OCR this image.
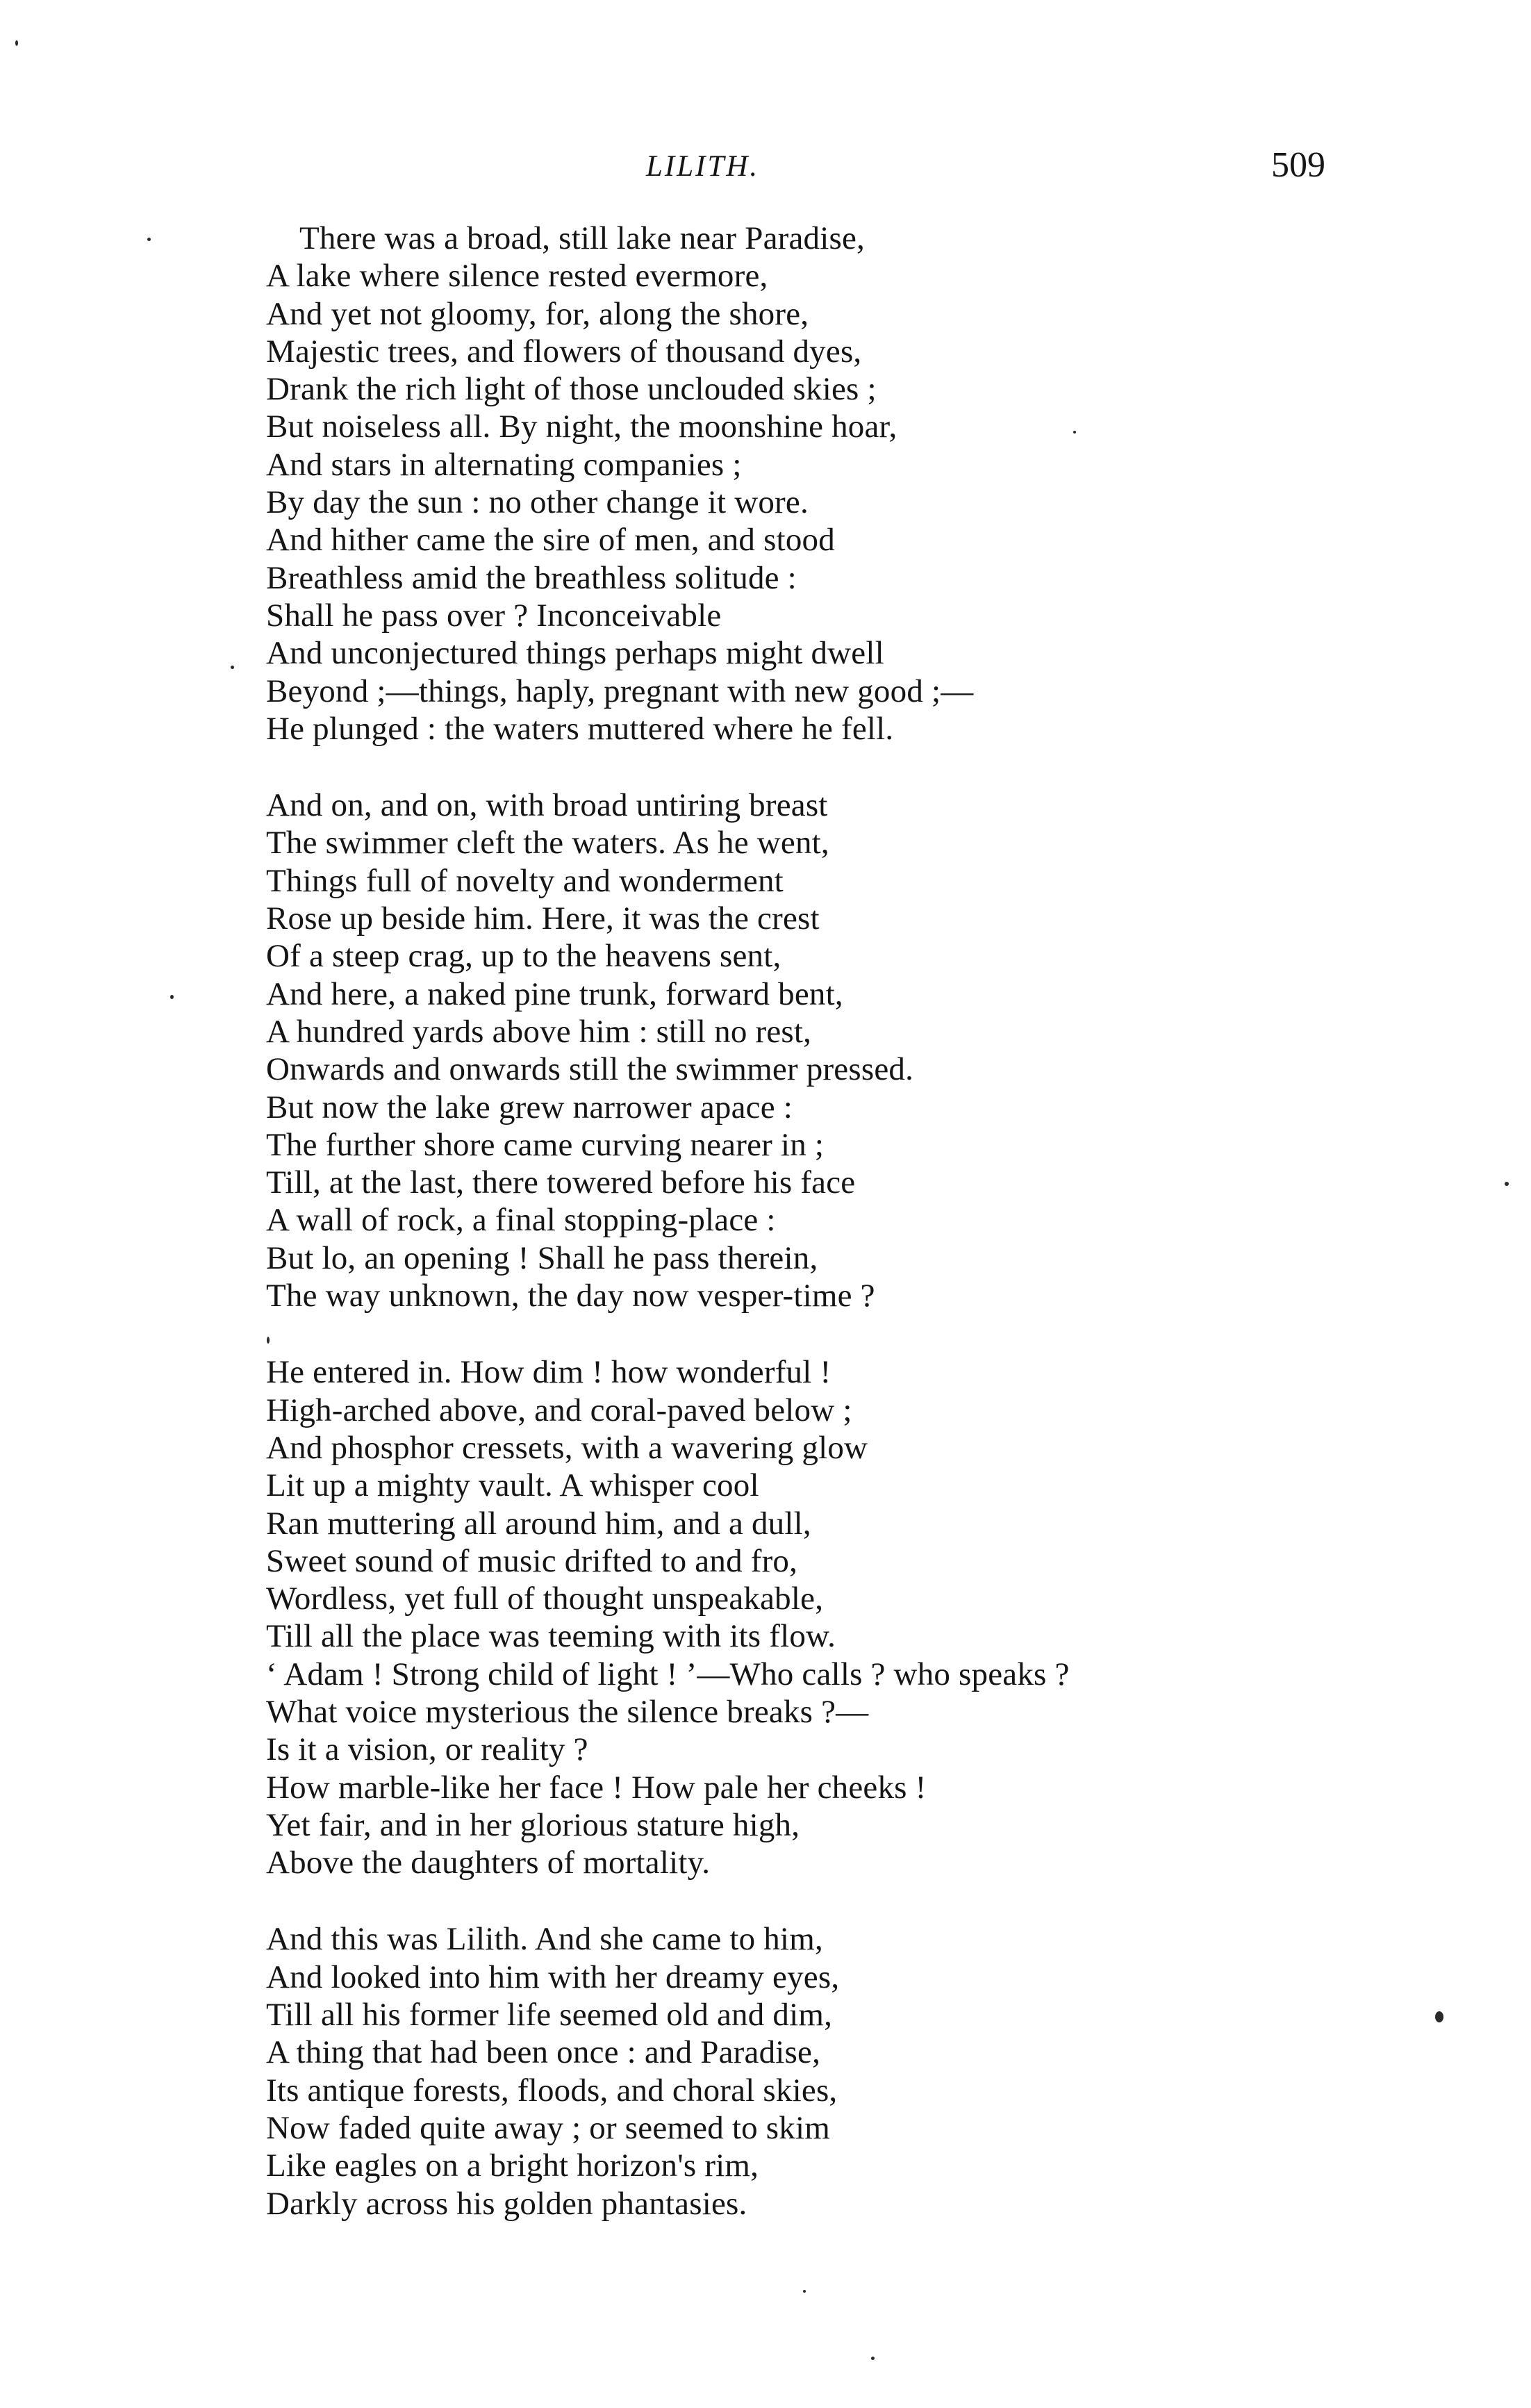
LILITH.	509
There was a broad, still lake near Paradise,
A lake where silence rested evermore,
And yet not gloomy, for, along the shore,
Majestic trees, and flowers of thousand dyes,
Drank the rich light of those unclouded skies ;
But noiseless all. By night, the moonshine hoar,
And stars in alternating companies ;
By day the sun : no other change it wore.
And hither came the sire of men, and stood
Breathless amid the breathless solitude :
Shall he pass over ? Inconceivable
And unconjectured things perhaps might dwell
Beyond ;—things, haply, pregnant with new good ;—
He plunged : the waters muttered where he fell.
And on, and on, with broad untiring breast
The swimmer cleft the waters. As he went,
Things full of novelty and wonderment
Rose up beside him. Here, it was the crest
Of a steep crag, up to the heavens sent,
And here, a naked pine trunk, forward bent,
A hundred yards above him : still no rest,
Onwards and onwards still the swimmer pressed.
But now the lake grew narrower apace :
The further shore came curving nearer in ;
Till, at the last, there towered before his face
A wall of rock, a final stopping-place :
But lo, an opening ! Shall he pass therein,
The way unknown, the day now vesper-time ?
He entered in. How dim ! how wonderful !
High-arched above, and coral-paved below ;
And phosphor cressets, with a wavering glow
Lit up a mighty vault. A whisper cool
Ran muttering all around him, and a dull,
Sweet sound of music drifted to and fro,
Wordless, yet full of thought unspeakable,
Till all the place was teeming with its flow.
‘ Adam ! Strong child of light ! ’—Who calls ? who speaks ?
What voice mysterious the silence breaks ?—
Is it a vision, or reality ?
How marble-like her face ! How pale her cheeks !
Yet fair, and in her glorious stature high,
Above the daughters of mortality.
And this was Lilith. And she came to him,
And looked into him with her dreamy eyes,
Till all his former life seemed old and dim,
A thing that had been once : and Paradise,
Its antique forests, floods, and choral skies,
Now faded quite away ; or seemed to skim
Like eagles on a bright horizon's rim,
Darkly across his golden phantasies.
